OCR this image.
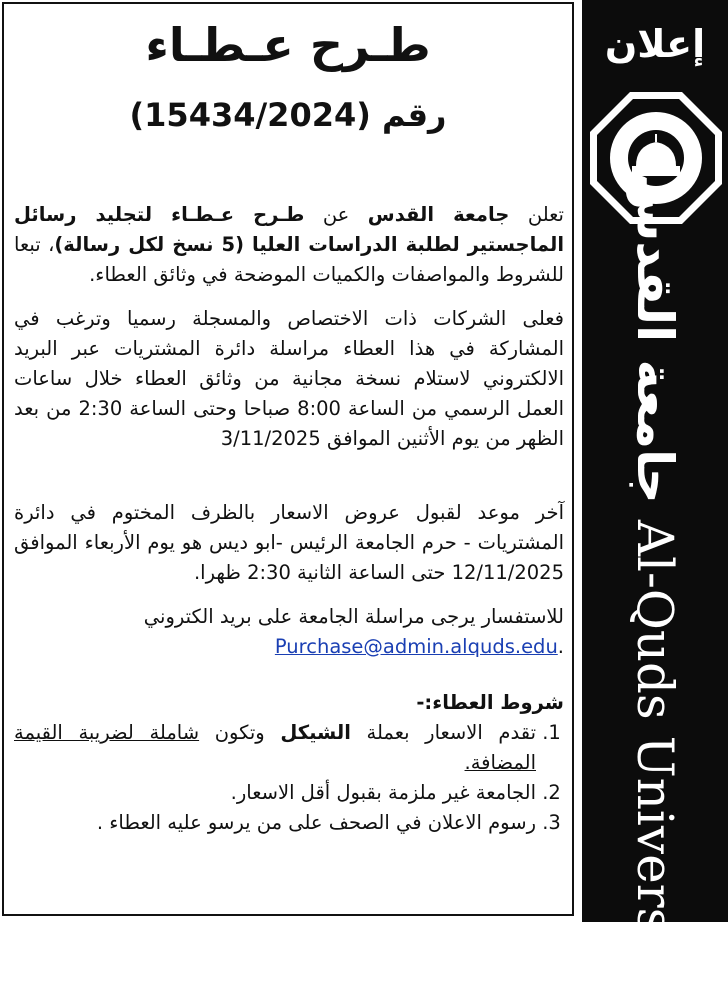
طـرح عـطـاء
رقم (15434/2024)

تعلن جامعة القدس عن طـرح عـطـاء لتجليد رسائل الماجستير لطلبة الدراسات العليا (5 نسخ لكل رسالة)، تبعا للشروط والمواصفات والكميات الموضحة في وثائق العطاء.

فعلى الشركات ذات الاختصاص والمسجلة رسميا وترغب في المشاركة في هذا العطاء مراسلة دائرة المشتريات عبر البريد الالكتروني لاستلام نسخة مجانية من وثائق العطاء خلال ساعات العمل الرسمي من الساعة 8:00 صباحا وحتى الساعة 2:30 من بعد الظهر من يوم الأثنين الموافق 3/11/2025

آخر موعد لقبول عروض الاسعار بالظرف المختوم في دائرة المشتريات - حرم الجامعة الرئيس -ابو ديس هو يوم الأربعاء الموافق 12/11/2025 حتى الساعة الثانية 2:30 ظهرا.

للاستفسار يرجى مراسلة الجامعة على بريد الكتروني
.Purchase@admin.alquds.edu

شروط العطاء:-
1. تقدم الاسعار بعملة الشيكل وتكون شاملة لضريبة القيمة المضافة.
2. الجامعة غير ملزمة بقبول أقل الاسعار.
3. رسوم الاعلان في الصحف على من يرسو عليه العطاء .
إعلان
جامعة القدسAl-Quds University
